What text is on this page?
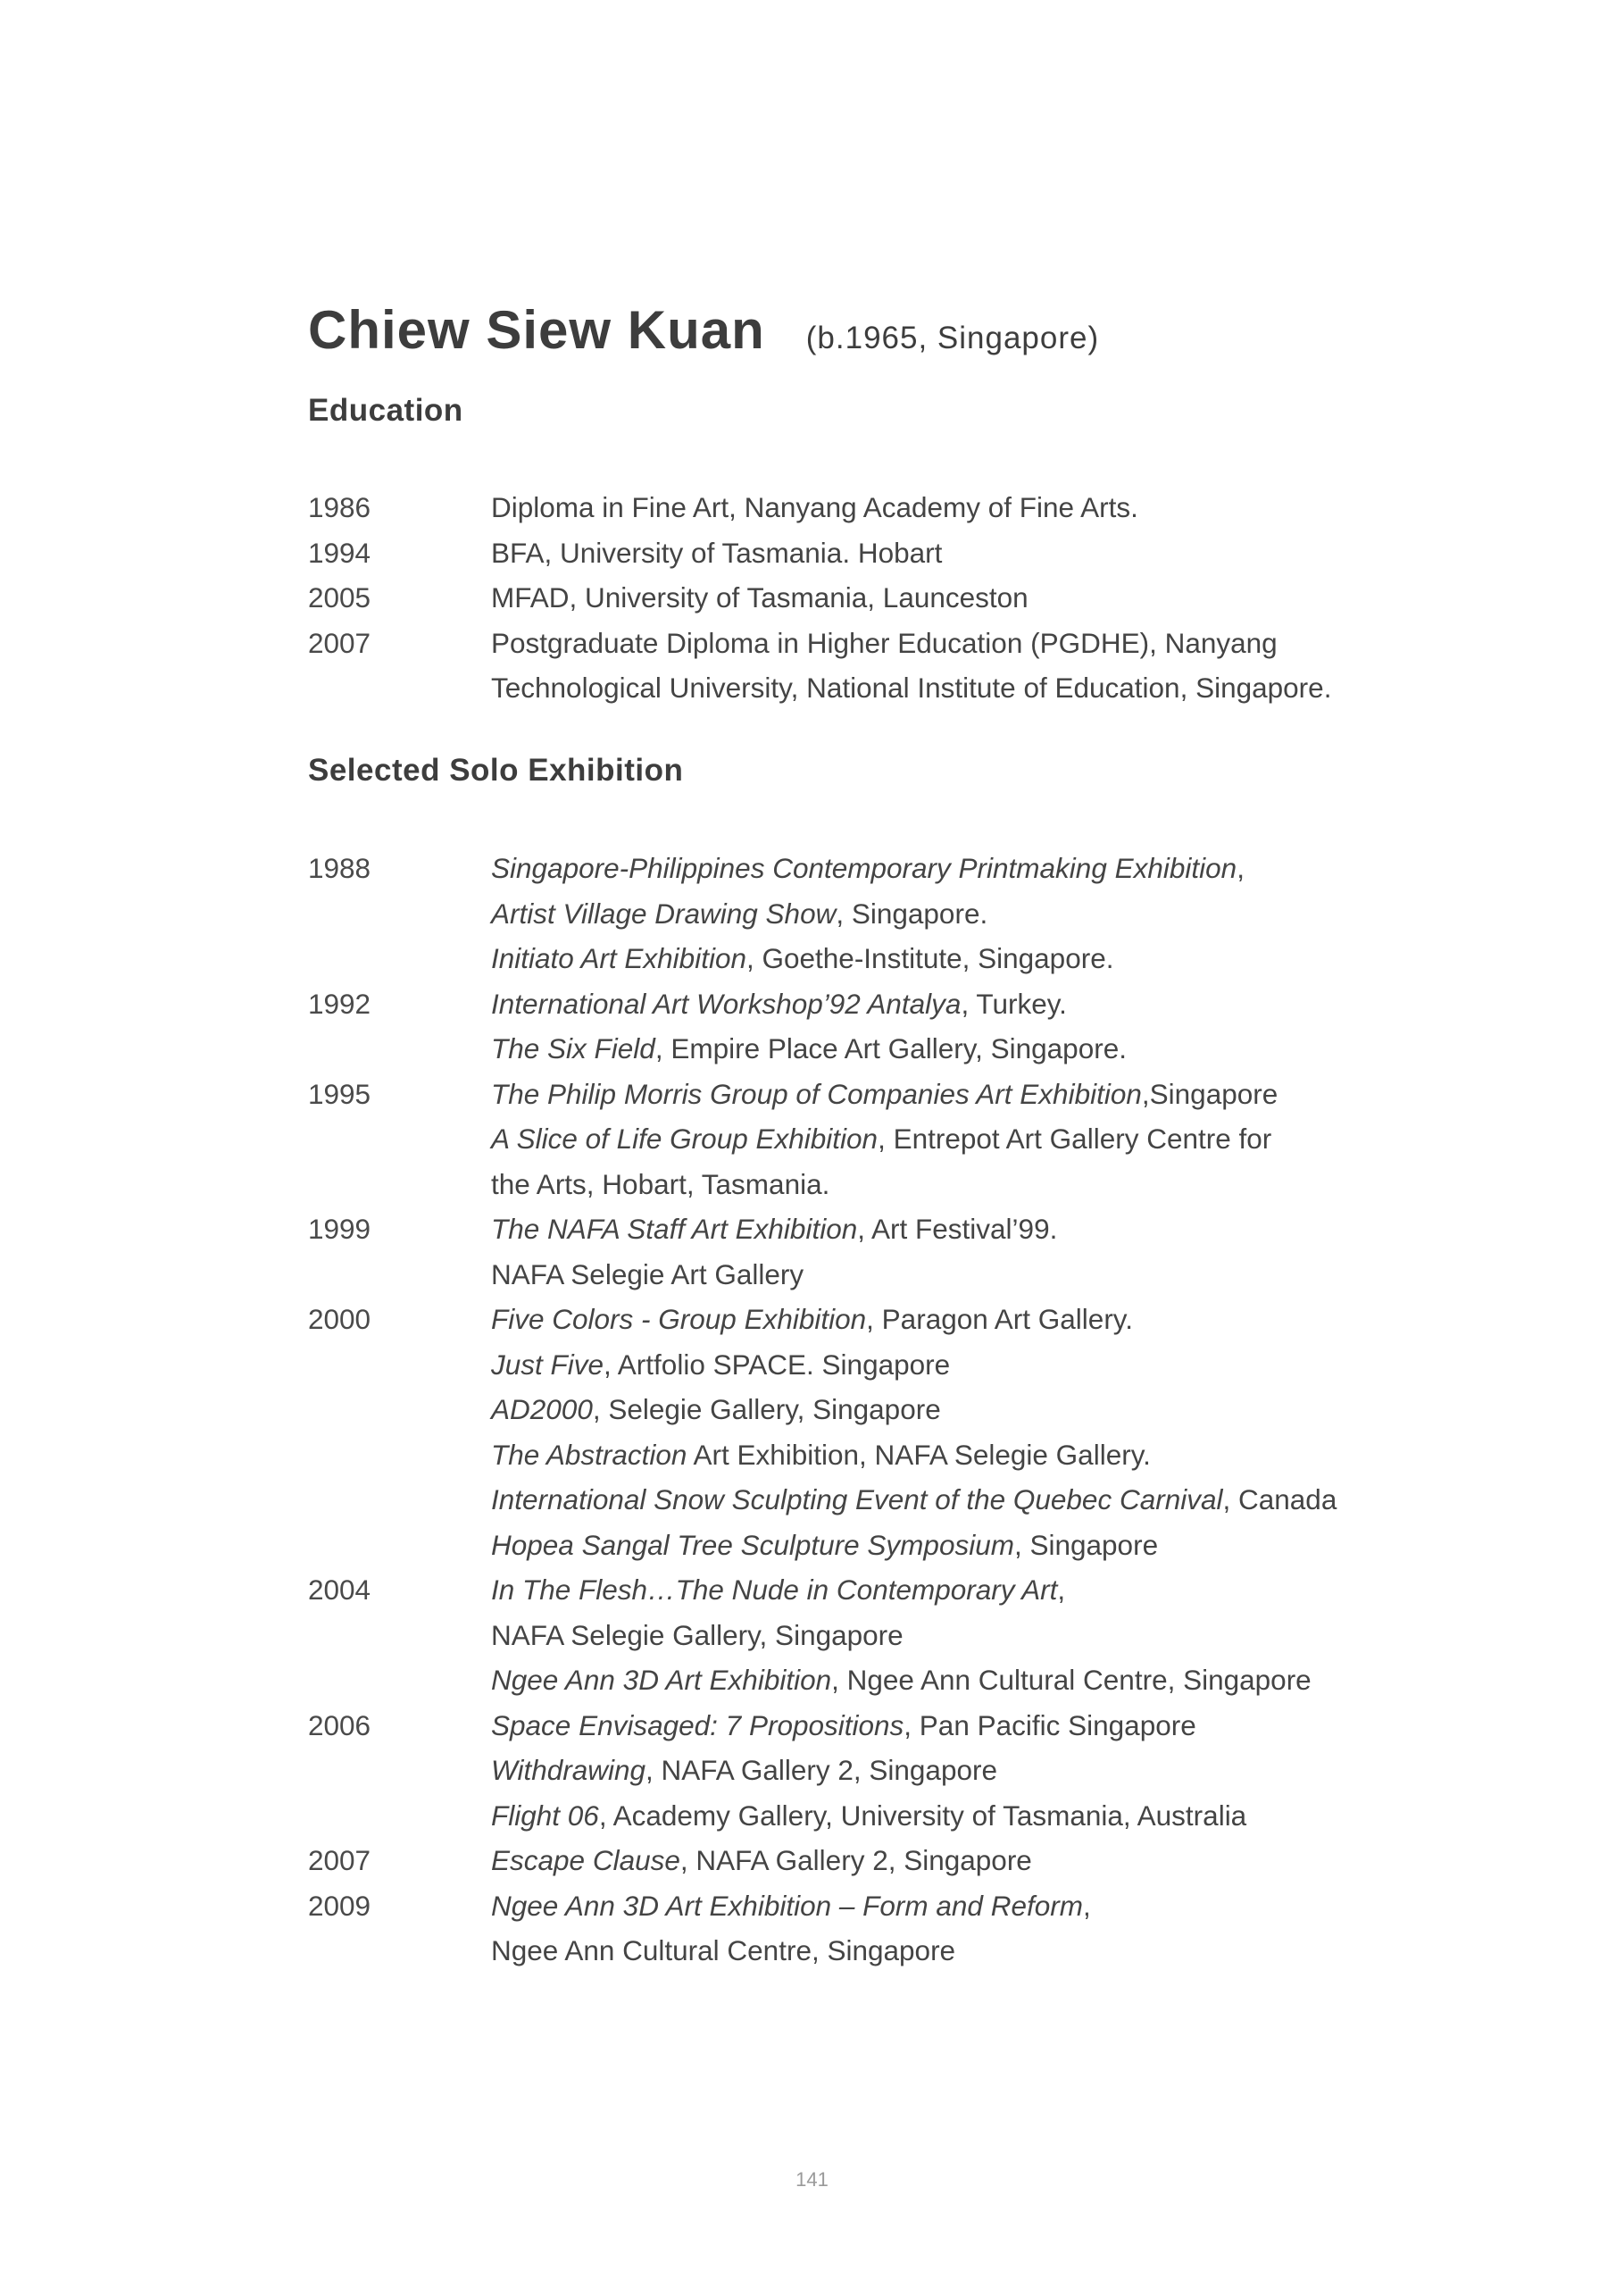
Chiew Siew Kuan (b.1965, Singapore)
Education
1986	Diploma in Fine Art, Nanyang Academy of Fine Arts.
1994	BFA, University of Tasmania. Hobart
2005	MFAD, University of Tasmania, Launceston
2007	Postgraduate Diploma in Higher Education (PGDHE), Nanyang
Technological University, National Institute of Education, Singapore.
Selected Solo Exhibition
1988	Singapore-Philippines Contemporary Printmaking Exhibition,
Artist Village Drawing Show, Singapore.
Initiato Art Exhibition, Goethe-Institute, Singapore.
1992	International Art Workshop’92 Antalya, Turkey.
The Six Field, Empire Place Art Gallery, Singapore.
1995	The Philip Morris Group of Companies Art Exhibition,Singapore
A Slice of Life Group Exhibition, Entrepot Art Gallery Centre for
the Arts, Hobart, Tasmania.
1999	The NAFA Staff Art Exhibition, Art Festival’99.
NAFA Selegie Art Gallery
2000	Five Colors - Group Exhibition, Paragon Art Gallery.
Just Five, Artfolio SPACE. Singapore
AD2000, Selegie Gallery, Singapore
The Abstraction Art Exhibition, NAFA Selegie Gallery.
International Snow Sculpting Event of the Quebec Carnival, Canada
Hopea Sangal Tree Sculpture Symposium, Singapore
2004	In The Flesh…The Nude in Contemporary Art,
NAFA Selegie Gallery, Singapore
Ngee Ann 3D Art Exhibition, Ngee Ann Cultural Centre, Singapore
2006	Space Envisaged: 7 Propositions, Pan Pacific Singapore
Withdrawing, NAFA Gallery 2, Singapore
Flight 06, Academy Gallery, University of Tasmania, Australia
2007	Escape Clause, NAFA Gallery 2, Singapore
2009	Ngee Ann 3D Art Exhibition – Form and Reform,
Ngee Ann Cultural Centre, Singapore
141
